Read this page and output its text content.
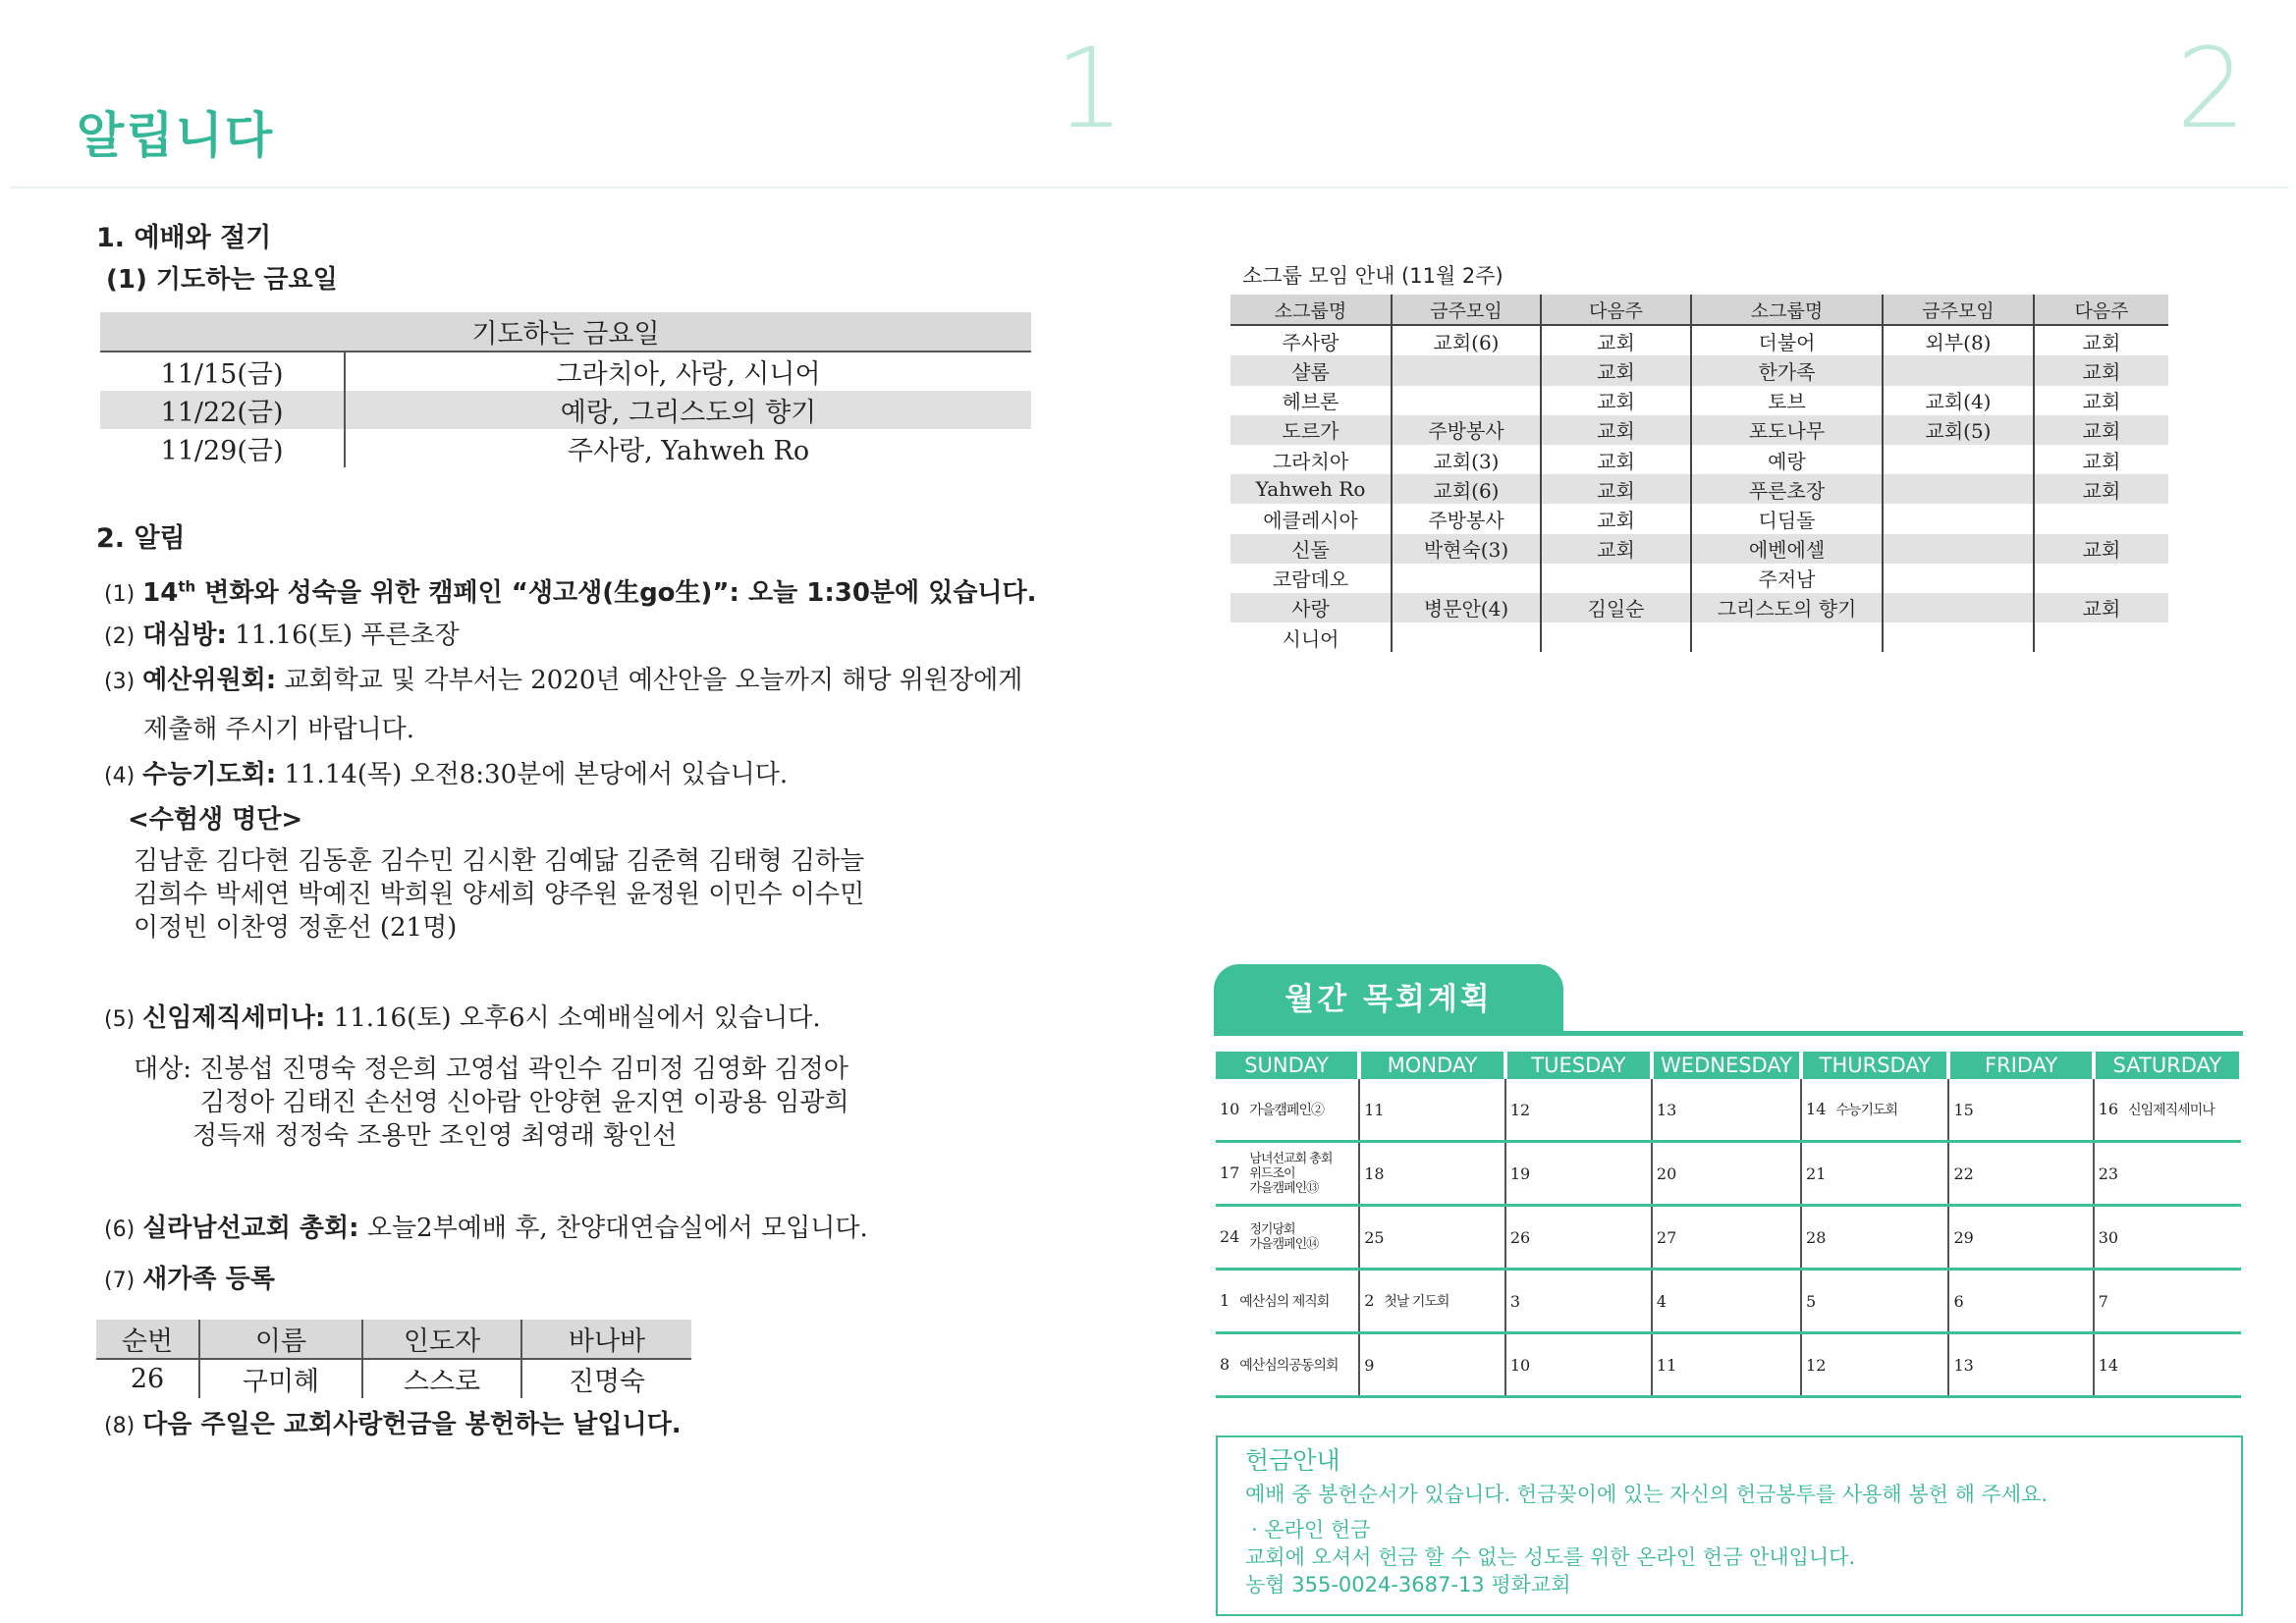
알립니다	1	2
1. 예배와 절기
(1) 기도하는 금요일
기도하는 금요일	
11/15(금)	그라치아, 사랑, 시니어
11/22(금)	예랑, 그리스도의 향기
11/29(금)	주사랑, Yahweh Ro
2. 알림
(1) 14th 변화와 성숙을 위한 캠페인 “생고생(生go生)”: 오늘 1:30분에 있습니다.
(2) 대심방: 11.16(토) 푸른초장
(3) 예산위원회: 교회학교 및 각부서는 2020년 예산안을 오늘까지 해당 위원장에게
제출해 주시기 바랍니다.
(4) 수능기도회: 11.14(목) 오전8:30분에 본당에서 있습니다.
<수험생 명단>
김남훈 김다현 김동훈 김수민 김시환 김예닮 김준혁 김태형 김하늘
김희수 박세연 박예진 박희원 양세희 양주원 윤정원 이민수 이수민
이정빈 이찬영 정훈선 (21명)
(5) 신임제직세미나: 11.16(토) 오후6시 소예배실에서 있습니다.
대상: 진봉섭 진명숙 정은희 고영섭 곽인수 김미정 김영화 김정아
김정아 김태진 손선영 신아람 안양현 윤지연 이광용 임광희
정득재 정정숙 조용만 조인영 최영래 황인선
(6) 실라남선교회 총회: 오늘2부예배 후, 찬양대연습실에서 모입니다.
(7) 새가족 등록
순번	이름	인도자	바나바
26	구미혜	스스로	진명숙
(8) 다음 주일은 교회사랑헌금을 봉헌하는 날입니다.
소그룹 모임 안내 (11월 2주)
소그룹명	금주모임	다음주	소그룹명	금주모임	다음주
주사랑	교회(6)	교회	더불어	외부(8)	교회
샬롬		교회	한가족		교회
헤브론		교회	토브	교회(4)	교회
도르가	주방봉사	교회	포도나무	교회(5)	교회
그라치아	교회(3)	교회	예랑		교회
Yahweh Ro	교회(6)	교회	푸른초장		교회
에클레시아	주방봉사	교회	디딤돌		
신돌	박현숙(3)	교회	에벤에셀		교회
코람데오			주저남		
사랑	병문안(4)	김일순	그리스도의 향기		교회
시니어					
월간 목회계획
SUNDAY	MONDAY	TUESDAY	WEDNESDAY	THURSDAY	FRIDAY	SATURDAY
10 가을캠페인②	11	12	13	14 수능기도회	15	16 신임제직세미나
17남녀선교회 총회
위드조이
가을캠페인⑬	18	19	20	21	22	23
24 정기당회
가을캠페인⑭	25	26	27	28	29	30
1 예산심의 제직회	2 첫날 기도회	3	4	5	6	7
8 예산심의공동의회	9	10	11	12	13	14
헌금안내
예배 중 봉헌순서가 있습니다. 헌금꽂이에 있는 자신의 헌금봉투를 사용해 봉헌 해 주세요.
· 온라인 헌금
교회에 오셔서 헌금 할 수 없는 성도를 위한 온라인 헌금 안내입니다.
농협 355-0024-3687-13 평화교회
